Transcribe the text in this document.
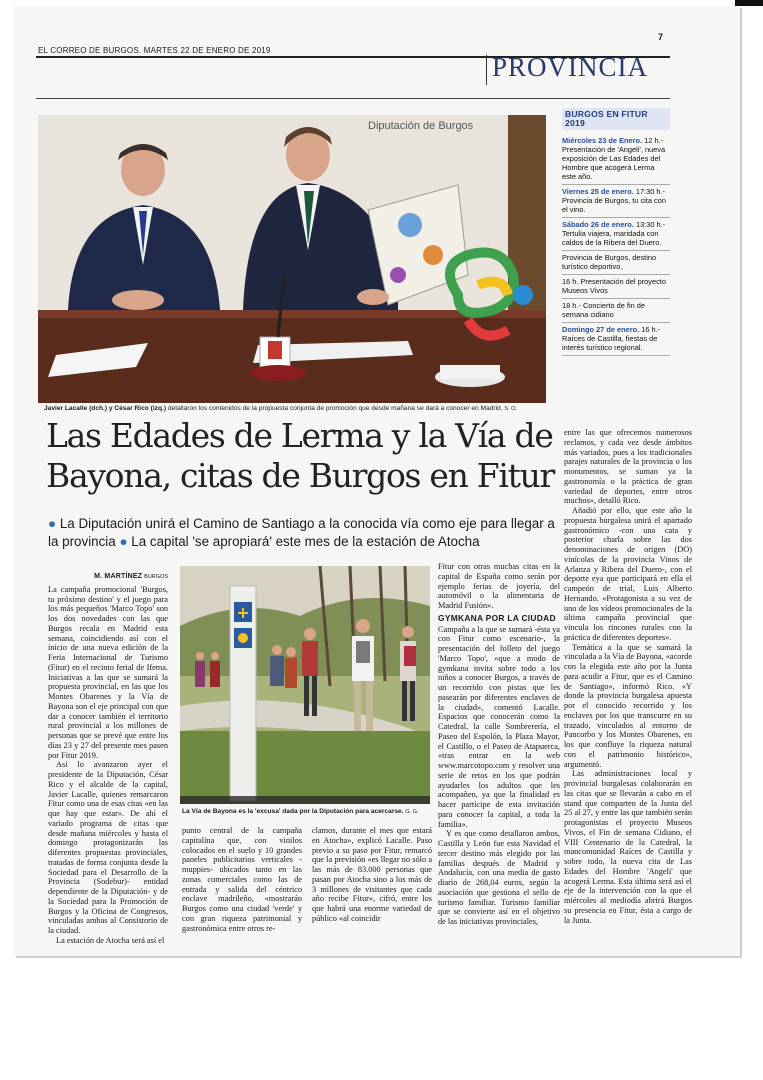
EL CORREO DE BURGOS. MARTES 22 DE ENERO DE 2019
7
PROVINCIA
Diputación de Burgos
Javier Lacalle (dch.) y César Rico (izq.) detallaron los contenidos de la propuesta conjunta de promoción que desde mañana se dará a conocer en Madrid. S. O.
Las Edades de Lerma y la Vía de Bayona, citas de Burgos en Fitur
● La Diputación unirá el Camino de Santiago a la conocida vía como eje para llegar a la provincia ● La capital 'se apropiará' este mes de la estación de Atocha
M. MARTÍNEZ BURGOS
La campaña promocional 'Burgos, tu próximo destino' y el juego para los más pequeños 'Marco Topo' son los dos novedades con las que Burgos recala en Madrid esta semana, coincidiendo así con el inicio de una nueva edición de la Feria Internacional de Turismo (Fitur) en el recinto ferial de Ifema. Iniciativas a las que se sumará la propuesta provincial, en las que los Montes Obarenes y la Vía de Bayona son el eje principal con que dar a conocer también el territorio rural provincial a los millones de personas que se prevé que entre los días 23 y 27 del presente mes pasen por Fitur 2019.
Así lo avanzaron ayer el presidente de la Diputación, César Rico y el alcalde de la capital, Javier Lacalle, quienes remarcaron Fitur como una de esas citas «en las que hay que estar». De ahí el variado programa de citas que desde mañana miércoles y hasta el domingo protagonizarán las diferentes propuestas provinciales, tratadas de forma conjunta desde la Sociedad para el Desarrollo de la Provincia (Sodebur)- entidad dependiente de la Diputación- y de la Sociedad para la Promoción de Burgos y la Oficina de Congresos, vinculadas ambas al Consistorio de la ciudad.
La estación de Atocha será así el
La Vía de Bayona es la 'excusa' dada por la Diputación para acercarse. G. G.
punto central de la campaña capitalina que, con vinilos colocados en el suelo y 10 grandes paneles publicitarios verticales -muppies- ubicados tanto en las zonas comerciales como las de entrada y salida del céntrico enclave madrileño, «mostrarán Burgos como una ciudad 'verde' y con gran riqueza patrimonial y gastronómica entre otros re-
clamos, durante el mes que estará en Atocha», explicó Lacalle. Paso previo a su paso por Fitur, remarcó que la previsión «es llegar no sólo a las más de 83.000 personas que pasan por Atocha sino a los más de 3 millones de visitantes que cada año recibe Fitur», cifró, entre los que habrá una enorme variedad de público «al coincidir
Fitur con otras muchas citas en la capital de España como serán por ejemplo ferias de joyería, del automóvil o la alimentaria de Madrid Fusión».
GYMKANA POR LA CIUDAD
Campaña a la que se sumará -ésta ya con Fitur como escenario-, la presentación del folleto del juego 'Marco Topo', «que a modo de gymkana invita sobre todo a los niños a conocer Burgos, a través de un recorrido con pistas que les pasearán por diferentes enclaves de la ciudad», comentó Lacalle. Espacios que conocerán como la Catedral, la calle Sombrerería, el Paseo del Espolón, la Plaza Mayor, el Castillo, o el Paseo de Atapuerca, «tras entrar en la web www.marcotopo.com y resolver una serie de retos en los que podrán ayudarles los adultos que les acompañen, ya que la finalidad es hacer partícipe de esta invitación para conocer la capital, a toda la familia».
Y es que como detallaron ambos, Castilla y León fue esta Navidad el tercer destino más elegido por las familias después de Madrid y Andalucía, con una media de gasto diario de 268,04 euros, según la asociación que gestiona el sello de turismo familiar. Turismo familiar que se convierte así en el objetivo de las iniciativas provinciales,
entre las que ofrecemos numerosos reclamos, y cada vez desde ámbitos más variados, pues a los tradicionales parajes naturales de la provincia o los monumentos, se suman ya la gastronomía o la práctica de gran variedad de deportes, entre otros muchos», detalló Rico.
Añadió por ello, que este año la propuesta burgalesa unirá el apartado gastronómico -con una cata y posterior charla sobre las dos denominaciones de origen (DO) vinícolas de la provincia Vinos de Arlanza y Ribera del Duero-, con el deporte eya que participará en ella el campeón de trial, Luis Alberto Hernando. «Protagonista a su vez de uno de los vídeos promocionales de la última campaña provincial que vincula los rincones rurales con la práctica de diferentes deportes».
Temática a la que se sumará la vinculada a la Vía de Bayona, «acorde con la elegida este año por la Junta para acudir a Fitur, que es el Camino de Santiago», informó Rico. «Y donde la provincia burgalesa apuesta por el conocido recorrido y los enclaves por los que transcurre en su trazado, vinculados al entorno de Pancorbo y los Montes Obarenes, en los que confluye la riqueza natural con el patrimonio histórico», argumentó.
Las administraciones local y provincial burgalesas colaborarán en las citas que se llevarán a cabo en el stand que comparten de la Junta del 25 al 27, y entre las que también serán protagonistas el proyecto Museos Vivos, el Fin de semana Cidiano, el VIII Centenario de la Catedral, la mancomunidad Raíces de Castilla y sobre todo, la nueva cita de Las Edades del Hombre 'Angeli' que acogerá Lerma. Esta última será así el eje de la intervención con la que el miércoles al mediodía abrirá Burgos su presencia en Fitur, ésta a cargo de la Junta.
BURGOS EN FITUR 2019
Miércoles 23 de Enero. 12 h.- Presentación de 'Angeli', nueva exposición de Las Edades del Hombre que acogerá Lerma este año.
Viernes 25 de enero. 17:30 h.- Provincia de Burgos, tu cita con el vino.
Sábado 26 de enero. 13:30 h.- Tertulia viajera, maridada con caldos de la Ribera del Duero.
Provincia de Burgos, destino turístico deportivo.
16 h. Presentación del proyecto Museos Vivos
18 h.- Concierto de fin de semana cidiano
Domingo 27 de enero. 16 h.- Raíces de Castilla, fiestas de interés turístico regional.
